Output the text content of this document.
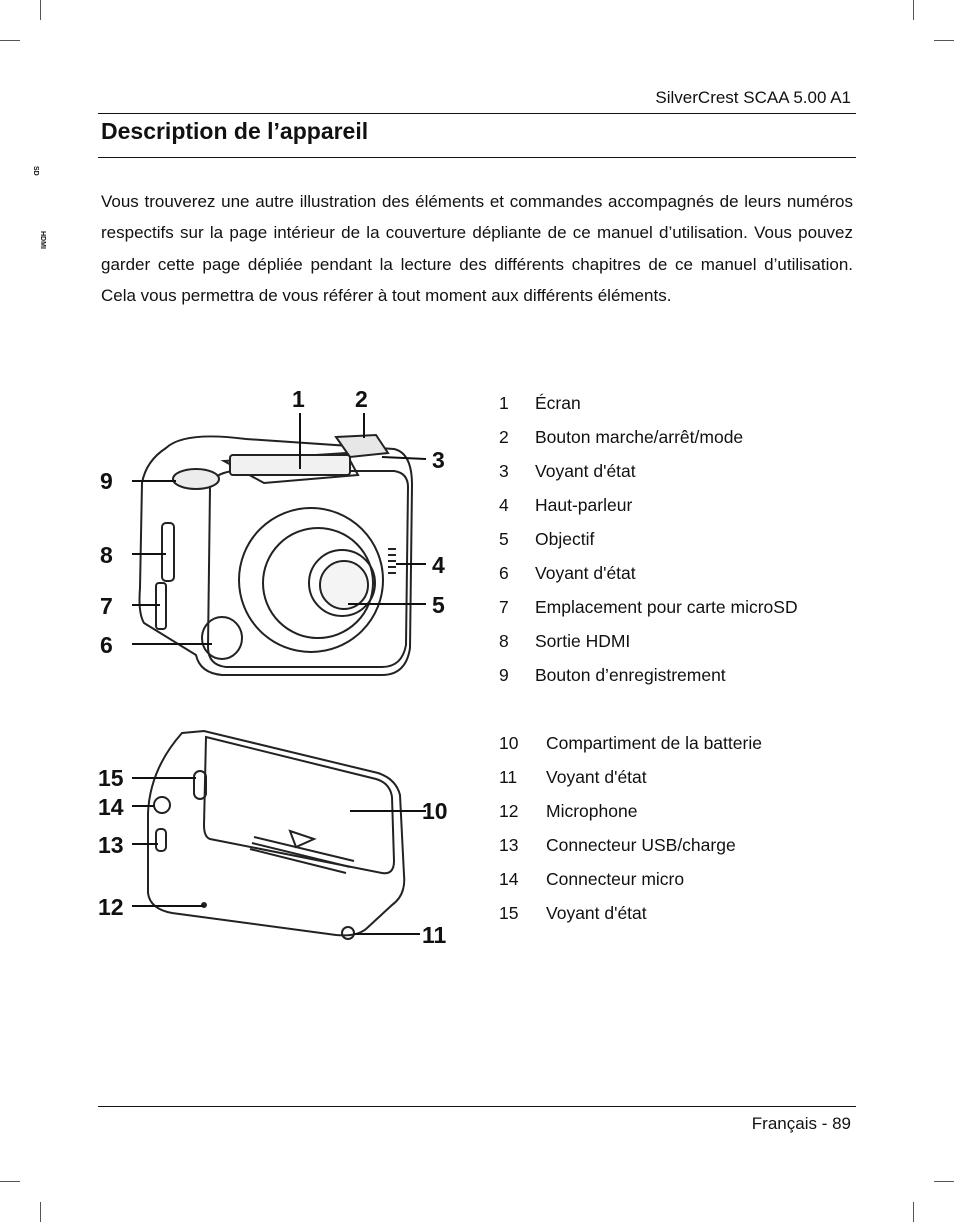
SilverCrest SCAA 5.00 A1
Description de l’appareil

Vous trouverez une autre illustration des éléments et commandes accompagnés de leurs numéros respectifs sur la page intérieur de la couverture dépliante de ce manuel d’utilisation. Vous pouvez garder cette page dépliée pendant la lecture des différents chapitres de ce manuel d’utilisation. Cela vous permettra de vous référer à tout moment aux différents éléments.

1 2
3
4
5
6
7
8
9
HDMI
SD
10
11
12
13
14
15
1 Écran
2 Bouton marche/arrêt/mode
3 Voyant d'état
4 Haut-parleur
5 Objectif
6 Voyant d'état
7 Emplacement pour carte microSD
8 Sortie HDMI
9 Bouton d’enregistrement
10 Compartiment de la batterie
11 Voyant d'état
12 Microphone
13 Connecteur USB/charge
14 Connecteur micro
15 Voyant d'état
Français - 89
